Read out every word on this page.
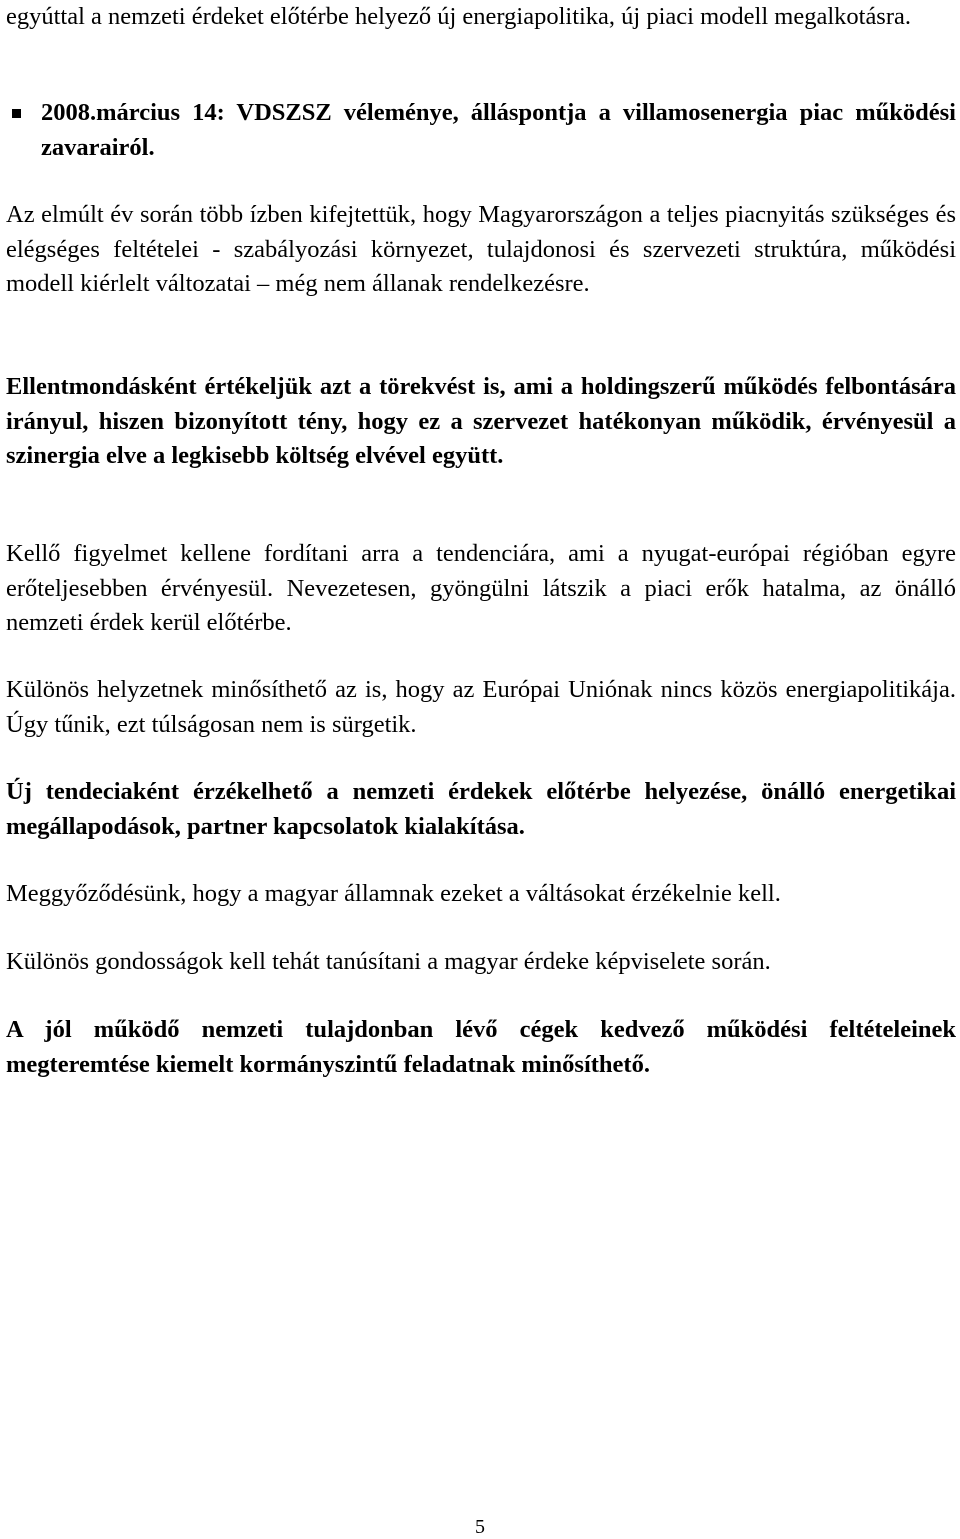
egyúttal a nemzeti érdeket előtérbe helyező új energiapolitika, új piaci modell megalkotásra.

2008.március 14: VDSZSZ véleménye, álláspontja a villamosenergia piac működési zavarairól.

Az elmúlt év során több ízben kifejtettük, hogy Magyarországon a teljes piacnyitás szükséges és elégséges feltételei - szabályozási környezet, tulajdonosi és szervezeti struktúra, működési modell kiérlelt változatai – még nem állanak rendelkezésre.

Ellentmondásként értékeljük azt a törekvést is, ami a holdingszerű működés felbontására irányul, hiszen bizonyított tény, hogy ez a szervezet hatékonyan működik, érvényesül a szinergia elve a legkisebb költség elvével együtt.

Kellő figyelmet kellene fordítani arra a tendenciára, ami a nyugat-európai régióban egyre erőteljesebben érvényesül. Nevezetesen, gyöngülni látszik a piaci erők hatalma, az önálló nemzeti érdek kerül előtérbe.

Különös helyzetnek minősíthető az is, hogy az Európai Uniónak nincs közös energiapolitikája. Úgy tűnik, ezt túlságosan nem is sürgetik.

Új tendeciaként érzékelhető a nemzeti érdekek előtérbe helyezése, önálló energetikai megállapodások, partner kapcsolatok kialakítása.

Meggyőződésünk, hogy a magyar államnak ezeket a váltásokat érzékelnie kell.

Különös gondosságok kell tehát tanúsítani a magyar érdeke képviselete során.

A jól működő nemzeti tulajdonban lévő cégek kedvező működési feltételeinek megteremtése kiemelt kormányszintű feladatnak minősíthető.

5
